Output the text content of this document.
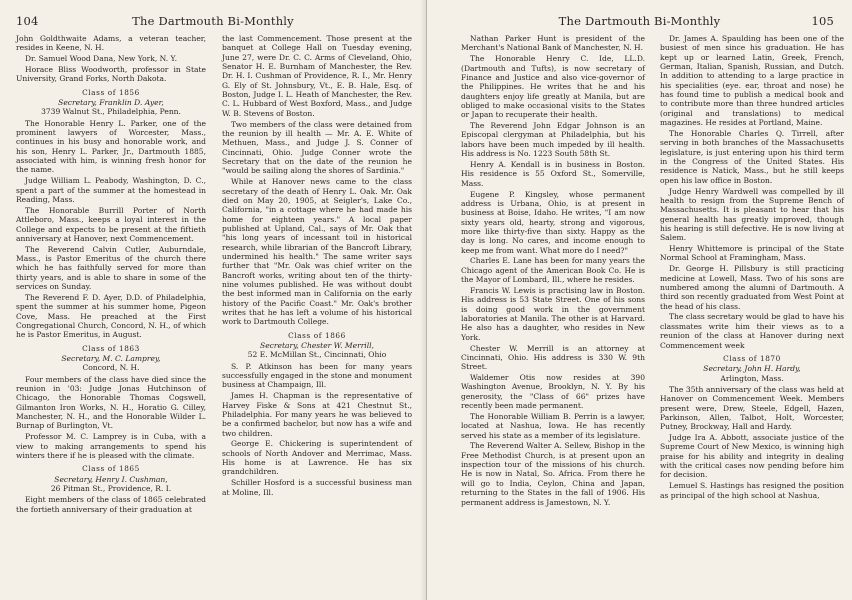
104	The Dartmouth Bi-Monthly

John Goldthwaite Adams, a veteran teacher, resides in Keene, N. H.

Dr. Samuel Wood Dana, New York, N. Y.

Horace Bliss Woodworth, professor in State University, Grand Forks, North Dakota.

Class of 1856

Secretary, Franklin D. Ayer,

3739 Walnut St., Philadelphia, Penn.

The Honorable Henry L. Parker, one of the prominent lawyers of Worcester, Mass., continues in his busy and honorable work, and his son, Henry L. Parker, Jr., Dartmouth 1885, associated with him, is winning fresh honor for the name.

Judge William L. Peabody, Washington, D. C., spent a part of the summer at the homestead in Reading, Mass.

The Honorable Burrill Porter of North Attleboro, Mass., keeps a loyal interest in the College and expects to be present at the fiftieth anniversary at Hanover, next Commencement.

The Reverend Calvin Cutler, Auburndale, Mass., is Pastor Emeritus of the church there which he has faithfully served for more than thirty years, and is able to share in some of the services on Sunday.

The Reverend F. D. Ayer, D.D. of Philadelphia, spent the summer at his summer home, Pigeon Cove, Mass. He preached at the First Congregational Church, Concord, N. H., of which he is Pastor Emeritus, in August.

Class of 1863

Secretary, M. C. Lamprey,

Concord, N. H.

Four members of the class have died since the reunion in '03: Judge Jonas Hutchinson of Chicago, the Honorable Thomas Cogswell, Gilmanton Iron Works, N. H., Horatio G. Cilley, Manchester, N. H., and the Honorable Wilder L. Burnap of Burlington, Vt.

Professor M. C. Lamprey is in Cuba, with a view to making arrangements to spend his winters there if he is pleased with the climate.

Class of 1865

Secretary, Henry I. Cushman,

26 Pitman St., Providence, R. I.

Eight members of the class of 1865 celebrated the fortieth anniversary of their graduation at

the last Commencement. Those present at the banquet at College Hall on Tuesday evening, June 27, were Dr. C. C. Arms of Cleveland, Ohio, Senator H. E. Burnham of Manchester, the Rev. Dr. H. I. Cushman of Providence, R. I., Mr. Henry G. Ely of St. Johnsbury, Vt., E. B. Hale, Esq. of Boston, Judge I. L. Heath of Manchester, the Rev. C. L. Hubbard of West Boxford, Mass., and Judge W. B. Stevens of Boston.

Two members of the class were detained from the reunion by ill health — Mr. A. E. White of Methuen, Mass., and Judge J. S. Conner of Cincinnati, Ohio. Judge Conner wrote the Secretary that on the date of the reunion he "would be sailing along the shores of Sardinia."

While at Hanover news came to the class secretary of the death of Henry L. Oak. Mr. Oak died on May 20, 1905, at Seigler's, Lake Co., California, "in a cottage where he had made his home for eighteen years." A local paper published at Upland, Cal., says of Mr. Oak that "his long years of incessant toil in historical research, while librarian of the Bancroft Library, undermined his health." The same writer says further that "Mr. Oak was chief writer on the Bancroft works, writing about ten of the thirty-nine volumes published. He was without doubt the best informed man in California on the early history of the Pacific Coast." Mr. Oak's brother writes that he has left a volume of his historical work to Dartmouth College.

Class of 1866

Secretary, Chester W. Merrill,

52 E. McMillan St., Cincinnati, Ohio

S. P. Atkinson has been for many years successfully engaged in the stone and monument business at Champaign, Ill.

James H. Chapman is the representative of Harvey Fiske & Sons at 421 Chestnut St., Philadelphia. For many years he was believed to be a confirmed bachelor, but now has a wife and two children.

George E. Chickering is superintendent of schools of North Andover and Merrimac, Mass. His home is at Lawrence. He has six grandchildren.

Schiller Hosford is a successful business man at Moline, Ill.

The Dartmouth Bi-Monthly	105

Nathan Parker Hunt is president of the Merchant's National Bank of Manchester, N. H.

The Honorable Henry C. Ide, LL.D. (Dartmouth and Tufts), is now secretary of Finance and Justice and also vice-governor of the Philippines. He writes that he and his daughters enjoy life greatly at Manila, but are obliged to make occasional visits to the States or Japan to recuperate their health.

The Reverend John Edgar Johnson is an Episcopal clergyman at Philadelphia, but his labors have been much impeded by ill health. His address is No. 1223 South 58th St.

Henry A. Kendall is in business in Boston. His residence is 55 Oxford St., Somerville, Mass.

Eugene P. Kingsley, whose permanent address is Urbana, Ohio, is at present in business at Boise, Idaho. He writes, "I am now sixty years old, hearty, strong and vigorous, more like thirty-five than sixty. Happy as the day is long. No cares, and income enough to keep me from want. What more do I need?"

Charles E. Lane has been for many years the Chicago agent of the American Book Co. He is the Mayor of Lombard, Ill., where he resides.

Francis W. Lewis is practising law in Boston. His address is 53 State Street. One of his sons is doing good work in the government laboratories at Manila. The other is at Harvard. He also has a daughter, who resides in New York.

Chester W. Merrill is an attorney at Cincinnati, Ohio. His address is 330 W. 9th Street.

Waldemer Otis now resides at 390 Washington Avenue, Brooklyn, N. Y. By his generosity, the "Class of 66" prizes have recently been made permanent.

The Honorable William B. Perrin is a lawyer, located at Nashua, Iowa. He has recently served his state as a member of its legislature.

The Reverend Walter A. Sellew, Bishop in the Free Methodist Church, is at present upon an inspection tour of the missions of his church. He is now in Natal, So. Africa. From there he will go to India, Ceylon, China and Japan, returning to the States in the fall of 1906. His permanent address is Jamestown, N. Y.

Dr. James A. Spaulding has been one of the busiest of men since his graduation. He has kept up or learned Latin, Greek, French, German, Italian, Spanish, Russian, and Dutch. In addition to attending to a large practice in his specialities (eye. ear, throat and nose) he has found time to publish a medical book and to contribute more than three hundred articles (original and translations) to medical magazines. He resides at Portland, Maine.

The Honorable Charles Q. Tirrell, after serving in both branches of the Massachusetts legislature, is just entering upon his third term in the Congress of the United States. His residence is Natick, Mass., but he still keeps open his law office in Boston.

Judge Henry Wardwell was compelled by ill health to resign from the Supreme Bench of Massachusetts. It is pleasant to hear that his general health has greatly improved, though his hearing is still defective. He is now living at Salem.

Henry Whittemore is principal of the State Normal School at Framingham, Mass.

Dr. George H. Pillsbury is still practicing medicine at Lowell, Mass. Two of his sons are numbered among the alumni of Dartmouth. A third son recently graduated from West Point at the head of his class.

The class secretary would be glad to have his classmates write him their views as to a reunion of the class at Hanover during next Commencement week

Class of 1870

Secretary, John H. Hardy,

Arlington, Mass.

The 35th anniversary of the class was held at Hanover on Commencement Week. Members present were, Drew, Steele, Edgell, Hazen, Parkinson, Allen, Talbot, Holt, Worcester, Putney, Brockway, Hall and Hardy.

Judge Ira A. Abbott, associate justice of the Supreme Court of New Mexico, is winning high praise for his ability and integrity in dealing with the critical cases now pending before him for decision.

Lemuel S. Hastings has resigned the position as principal of the high school at Nashua,
